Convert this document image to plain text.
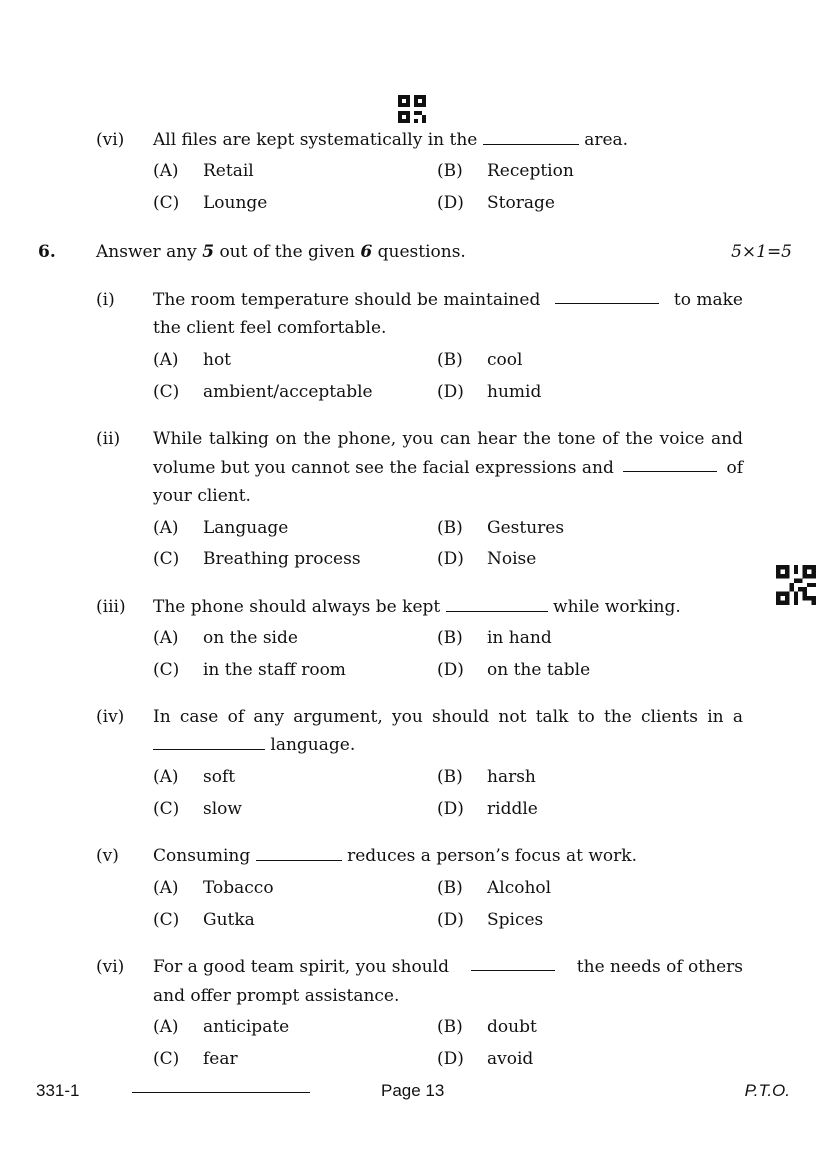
(vi) All files are kept systematically in the	area.
(A) Retail	(B) Reception
(C) Lounge	(D) Storage
6. Answer any 5 out of the given 6 questions.	5×1=5
(i) The room temperature should be maintained	to make
the client feel comfortable.
(A) hot	(B) cool
(C) ambient/acceptable	(D) humid
(ii) While talking on the phone, you can hear the tone of the voice and
volume but you cannot see the facial expressions and	of
your client.
(A) Language	(B) Gestures
(C) Breathing process	(D) Noise
(iii) The phone should always be kept	while working.
(A) on the side	(B) in hand
(C) in the staff room	(D) on the table
(iv) In case of any argument, you should not talk to the clients in a
language.
(A) soft	(B) harsh
(C) slow	(D) riddle
(v) Consuming	reduces a person’s focus at work.
(A) Tobacco	(B) Alcohol
(C) Gutka	(D) Spices
(vi) For a good team spirit, you should	the needs of others
and offer prompt assistance.
(A) anticipate	(B) doubt
(C) fear	(D) avoid
331-1	Page 13	P.T.O.
